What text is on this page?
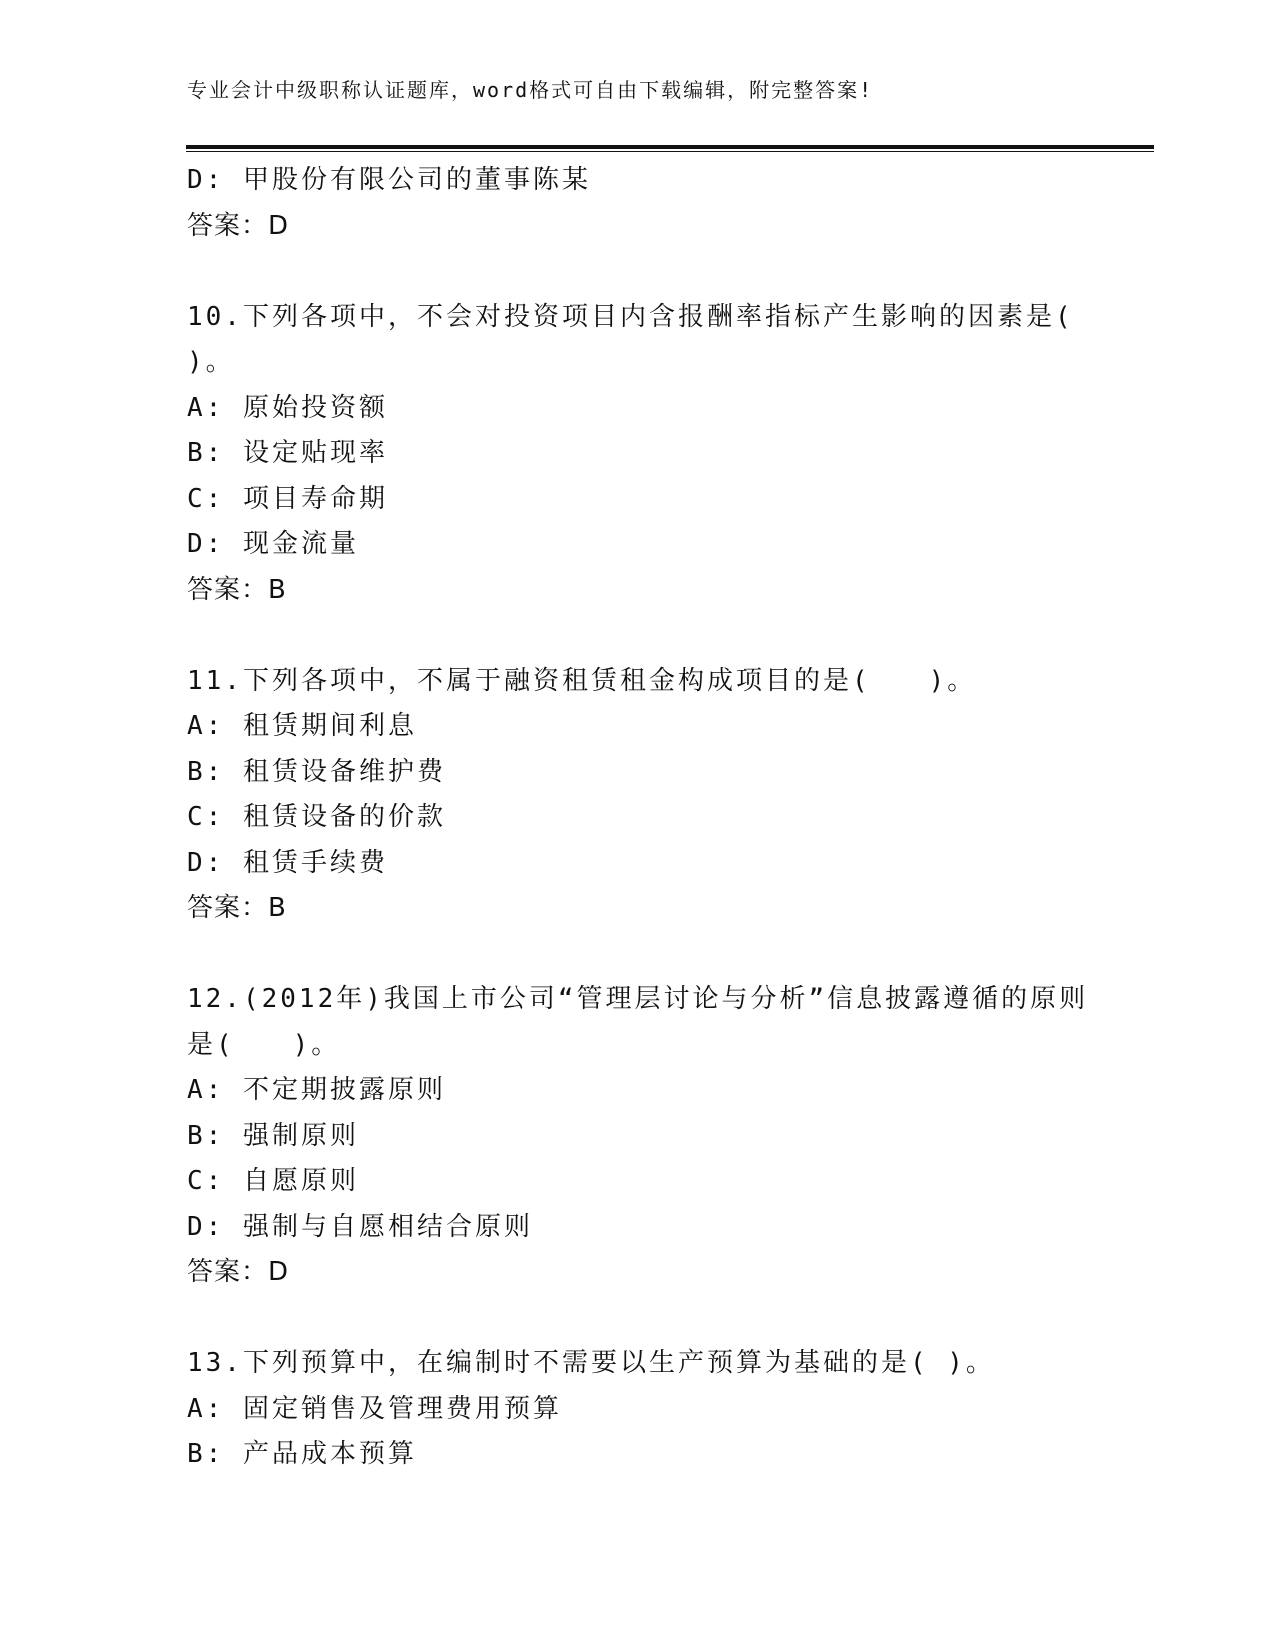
专业会计中级职称认证题库，word格式可自由下载编辑，附完整答案!
D: 甲股份有限公司的董事陈某
答案：D
10.下列各项中，不会对投资项目内含报酬率指标产生影响的因素是(
)。
A: 原始投资额
B: 设定贴现率
C: 项目寿命期
D: 现金流量
答案：B
11.下列各项中，不属于融资租赁租金构成项目的是(　　)。
A: 租赁期间利息
B: 租赁设备维护费
C: 租赁设备的价款
D: 租赁手续费
答案：B
12.(2012年)我国上市公司“管理层讨论与分析”信息披露遵循的原则
是(　　)。
A: 不定期披露原则
B: 强制原则
C: 自愿原则
D: 强制与自愿相结合原则
答案：D
13.下列预算中，在编制时不需要以生产预算为基础的是( )。
A: 固定销售及管理费用预算
B: 产品成本预算
